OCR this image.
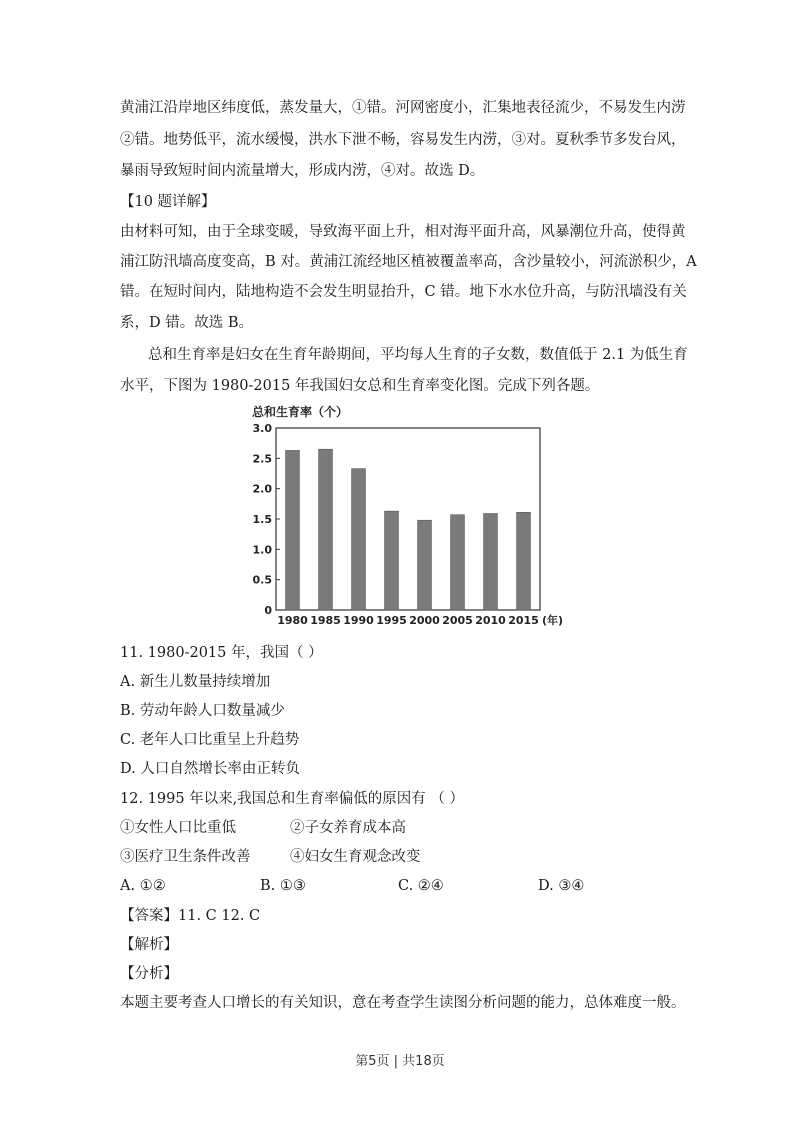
黄浦江沿岸地区纬度低，蒸发量大，①错。河网密度小，汇集地表径流少，不易发生内涝
②错。地势低平，流水缓慢，洪水下泄不畅，容易发生内涝，③对。夏秋季节多发台风，
暴雨导致短时间内流量增大，形成内涝，④对。故选 D。
【10 题详解】
由材料可知，由于全球变暖，导致海平面上升，相对海平面升高，风暴潮位升高，使得黄
浦江防汛墙高度变高，B 对。黄浦江流经地区植被覆盖率高，含沙量较小，河流淤积少，A
错。在短时间内，陆地构造不会发生明显抬升，C 错。地下水水位升高，与防汛墙没有关
系，D 错。故选 B。
总和生育率是妇女在生育年龄期间，平均每人生育的子女数，数值低于 2.1 为低生育
水平，下图为 1980-2015 年我国妇女总和生育率变化图。完成下列各题。
总和生育率（个）
0
0.5
1.0
1.5
2.0
2.5
3.0
1980 1985 1990 1995 2000 2005 2010 2015 (年)
11. 1980-2015 年，我国（ ）
A. 新生儿数量持续增加
B. 劳动年龄人口数量减少
C. 老年人口比重呈上升趋势
D. 人口自然增长率由正转负
12. 1995 年以来,我国总和生育率偏低的原因有 （ ）
①女性人口比重低	②子女养育成本高
③医疗卫生条件改善	④妇女生育观念改变
A. ①②	B. ①③	C. ②④	D. ③④
【答案】11. C 12. C
【解析】
【分析】
本题主要考查人口增长的有关知识，意在考查学生读图分析问题的能力，总体难度一般。
第5页 | 共18页
